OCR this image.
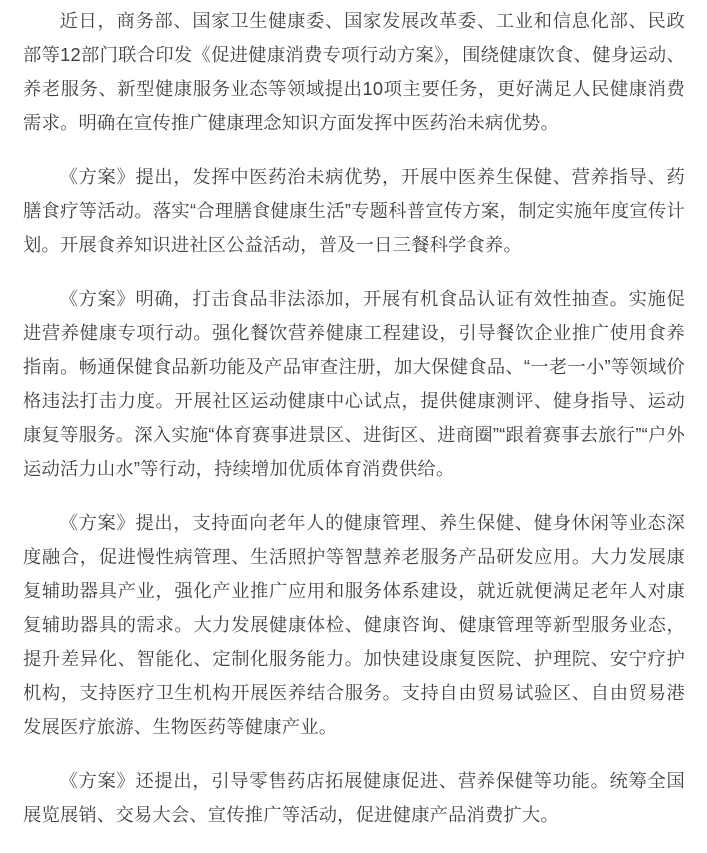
近日，商务部、国家卫生健康委、国家发展改革委、工业和信息化部、民政部等12部门联合印发《促进健康消费专项行动方案》，围绕健康饮食、健身运动、养老服务、新型健康服务业态等领域提出10项主要任务，更好满足人民健康消费需求。明确在宣传推广健康理念知识方面发挥中医药治未病优势。

《方案》提出，发挥中医药治未病优势，开展中医养生保健、营养指导、药膳食疗等活动。落实“合理膳食健康生活”专题科普宣传方案，制定实施年度宣传计划。开展食养知识进社区公益活动，普及一日三餐科学食养。

《方案》明确，打击食品非法添加，开展有机食品认证有效性抽查。实施促进营养健康专项行动。强化餐饮营养健康工程建设，引导餐饮企业推广使用食养指南。畅通保健食品新功能及产品审查注册，加大保健食品、“一老一小”等领域价格违法打击力度。开展社区运动健康中心试点，提供健康测评、健身指导、运动康复等服务。深入实施“体育赛事进景区、进街区、进商圈”“跟着赛事去旅行”“户外运动活力山水”等行动，持续增加优质体育消费供给。

《方案》提出，支持面向老年人的健康管理、养生保健、健身休闲等业态深度融合，促进慢性病管理、生活照护等智慧养老服务产品研发应用。大力发展康复辅助器具产业，强化产业推广应用和服务体系建设，就近就便满足老年人对康复辅助器具的需求。大力发展健康体检、健康咨询、健康管理等新型服务业态，提升差异化、智能化、定制化服务能力。加快建设康复医院、护理院、安宁疗护机构，支持医疗卫生机构开展医养结合服务。支持自由贸易试验区、自由贸易港发展医疗旅游、生物医药等健康产业。

《方案》还提出，引导零售药店拓展健康促进、营养保健等功能。统筹全国展览展销、交易大会、宣传推广等活动，促进健康产品消费扩大。
